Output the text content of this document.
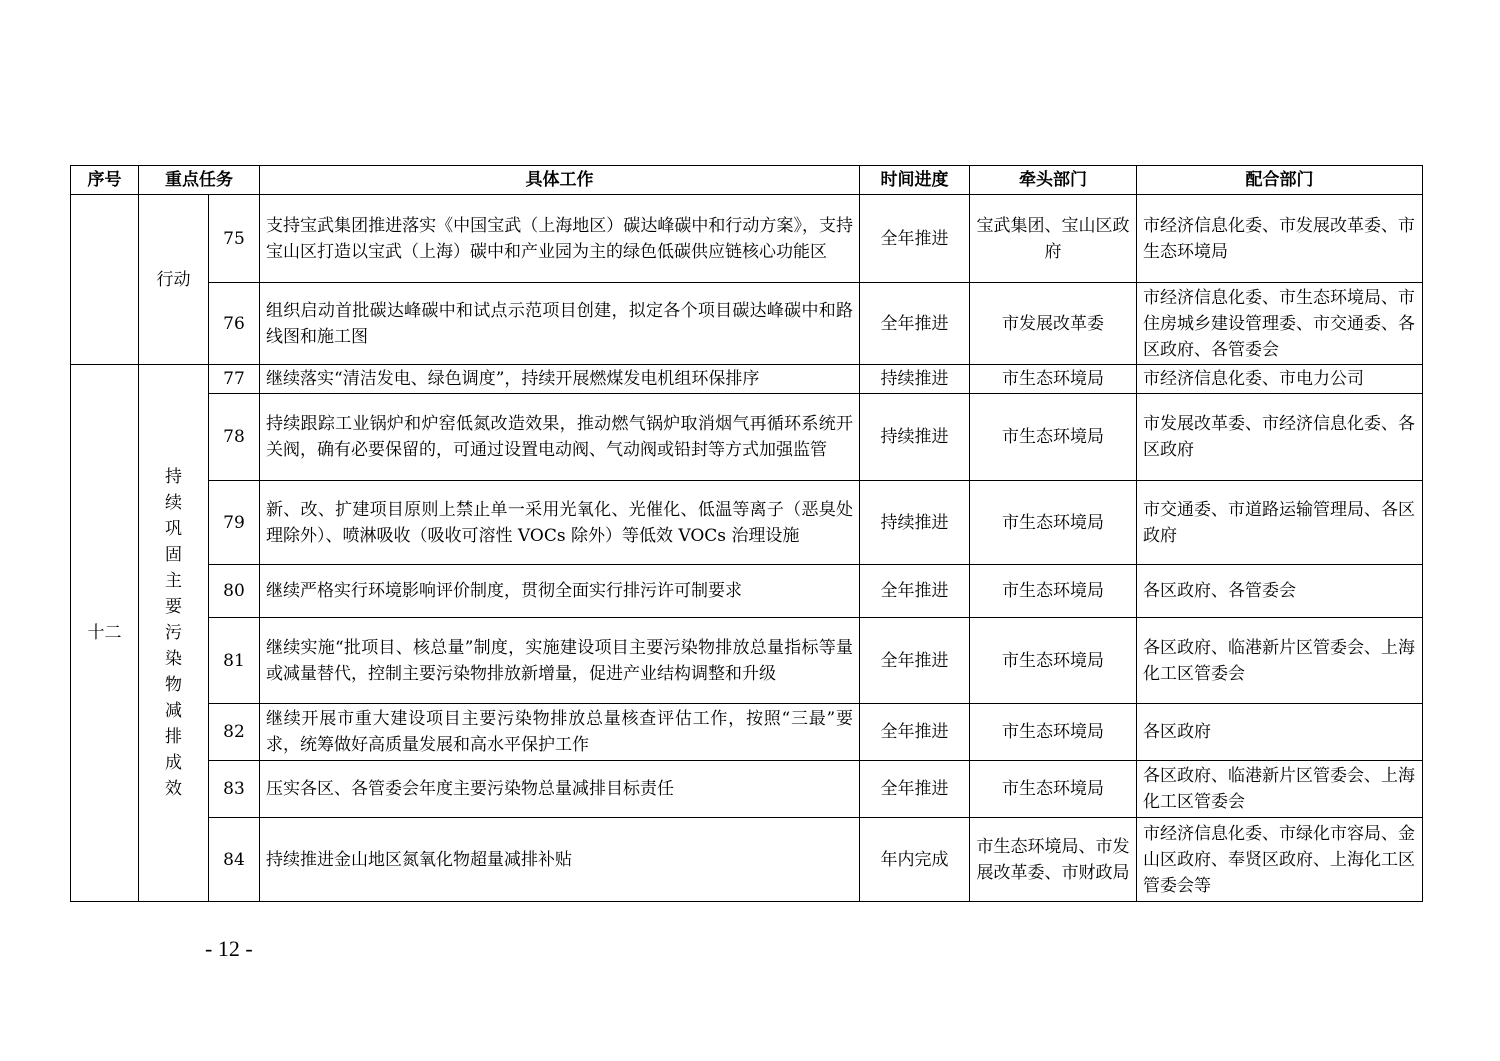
序号	重点任务		具体工作	时间进度	牵头部门	配合部门
	行动	75	支持宝武集团推进落实《中国宝武（上海地区）碳达峰碳中和行动方案》，支持宝山区打造以宝武（上海）碳中和产业园为主的绿色低碳供应链核心功能区	全年推进	宝武集团、宝山区政府	市经济信息化委、市发展改革委、市生态环境局
		76	组织启动首批碳达峰碳中和试点示范项目创建，拟定各个项目碳达峰碳中和路线图和施工图	全年推进	市发展改革委	市经济信息化委、市生态环境局、市住房城乡建设管理委、市交通委、各区政府、各管委会
十二	持续巩固主要污染物减排成效	77	继续落实“清洁发电、绿色调度”，持续开展燃煤发电机组环保排序	持续推进	市生态环境局	市经济信息化委、市电力公司
		78	持续跟踪工业锅炉和炉窑低氮改造效果，推动燃气锅炉取消烟气再循环系统开关阀，确有必要保留的，可通过设置电动阀、气动阀或铅封等方式加强监管	持续推进	市生态环境局	市发展改革委、市经济信息化委、各区政府
		79	新、改、扩建项目原则上禁止单一采用光氧化、光催化、低温等离子（恶臭处理除外）、喷淋吸收（吸收可溶性 VOCs 除外）等低效 VOCs 治理设施	持续推进	市生态环境局	市交通委、市道路运输管理局、各区政府
		80	继续严格实行环境影响评价制度，贯彻全面实行排污许可制要求	全年推进	市生态环境局	各区政府、各管委会
		81	继续实施“批项目、核总量”制度，实施建设项目主要污染物排放总量指标等量或减量替代，控制主要污染物排放新增量，促进产业结构调整和升级	全年推进	市生态环境局	各区政府、临港新片区管委会、上海化工区管委会
		82	继续开展市重大建设项目主要污染物排放总量核查评估工作，按照“三最”要求，统筹做好高质量发展和高水平保护工作	全年推进	市生态环境局	各区政府
		83	压实各区、各管委会年度主要污染物总量减排目标责任	全年推进	市生态环境局	各区政府、临港新片区管委会、上海化工区管委会
		84	持续推进金山地区氮氧化物超量减排补贴	年内完成	市生态环境局、市发展改革委、市财政局	市经济信息化委、市绿化市容局、金山区政府、奉贤区政府、上海化工区管委会等
- 12 -
